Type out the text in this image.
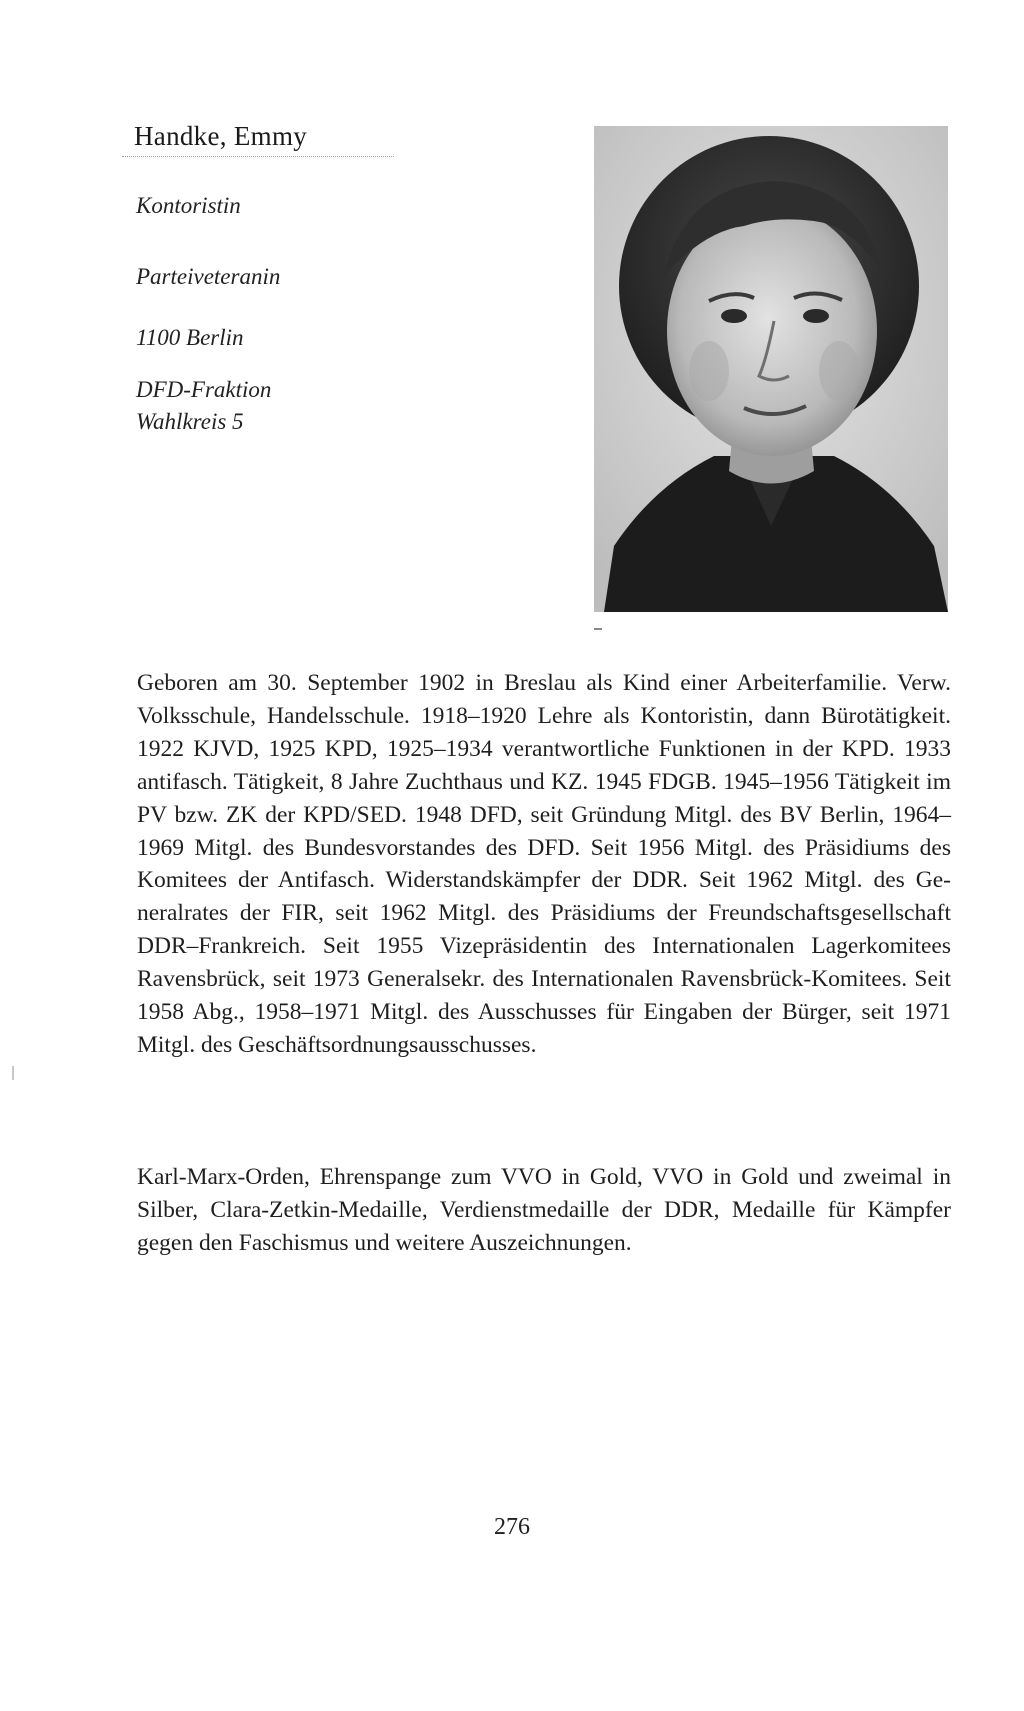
Handke, Emmy

Kontoristin

Parteiveteranin

1100 Berlin

DFD-Fraktion

Wahlkreis 5

Geboren am 30. September 1902 in Breslau als Kind einer Arbeiterfamilie. Verw. Volksschule, Handelsschule. 1918–1920 Lehre als Kontoristin, dann Bürotätigkeit. 1922 KJVD, 1925 KPD, 1925–1934 verantwortliche Funktionen in der KPD. 1933 antifasch. Tätigkeit, 8 Jahre Zuchthaus und KZ. 1945 FDGB. 1945–1956 Tätigkeit im PV bzw. ZK der KPD/SED. 1948 DFD, seit Gründung Mitgl. des BV Berlin, 1964–1969 Mitgl. des Bundesvorstandes des DFD. Seit 1956 Mitgl. des Präsidiums des Komitees der Antifasch. Widerstandskämpfer der DDR. Seit 1962 Mitgl. des Generalrates der FIR, seit 1962 Mitgl. des Präsidiums der Freundschaftsgesellschaft DDR–Frankreich. Seit 1955 Vizepräsidentin des Internationalen Lagerkomitees Ravensbrück, seit 1973 Generalsekr. des Internationalen Ravensbrück-Komitees. Seit 1958 Abg., 1958–1971 Mitgl. des Ausschusses für Eingaben der Bürger, seit 1971 Mitgl. des Geschäftsordnungsausschusses.

Karl-Marx-Orden, Ehrenspange zum VVO in Gold, VVO in Gold und zweimal in Silber, Clara-Zetkin-Medaille, Verdienstmedaille der DDR, Medaille für Kämpfer gegen den Faschismus und weitere Auszeichnungen.

276
